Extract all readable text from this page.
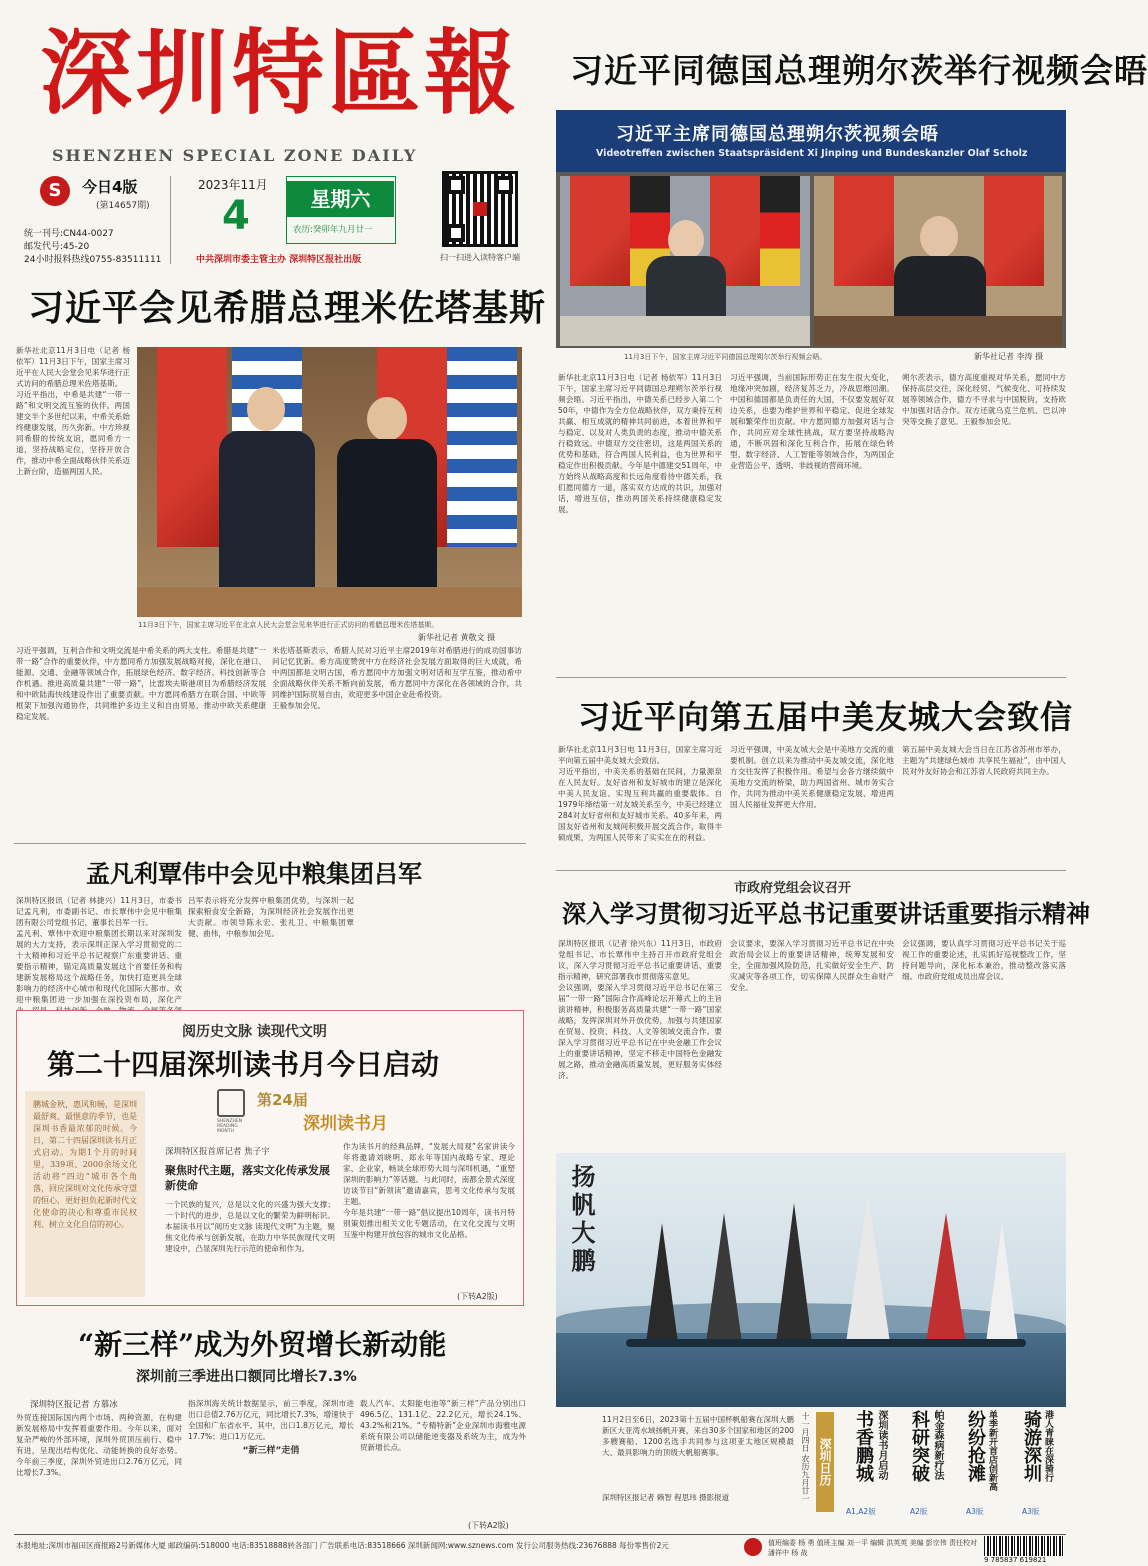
深圳特區報
SHENZHEN SPECIAL ZONE DAILY
S	今日4版
(第14657期)
统一刊号:CN44-0027
邮发代号:45-20
24小时报料热线0755-83511111
2023年11月
4	星期六
农历:癸卯年九月廿一
中共深圳市委主管主办 深圳特区报社出版	扫一扫进入读特客户端
习近平同德国总理朔尔茨举行视频会晤
习近平主席同德国总理朔尔茨视频会晤
Videotreffen zwischen Staatspräsident Xi Jinping und Bundeskanzler Olaf Scholz
11月3日下午，国家主席习近平同德国总理朔尔茨举行视频会晤。	新华社记者 李涛 摄

新华社北京11月3日电（记者 杨依军）11月3日下午，国家主席习近平同德国总理朔尔茨举行视频会晤。习近平指出，中德关系已经步入第二个50年，中德作为全方位战略伙伴，双方秉持互利共赢、相互成就的精神共同前进，本着世界和平与稳定、以及对人类负责的态度，推动中德关系行稳致远。中德双方交往密切，这是两国关系的优势和基础，符合两国人民利益，也为世界和平稳定作出积极贡献。今年是中德建交51周年，中方始终从战略高度和长远角度看待中德关系，我们愿同德方一道，落实双方达成的共识，加强对话，增进互信，推动两国关系持续健康稳定发展。

习近平强调，当前国际形势正在发生很大变化，地缘冲突加剧，经济复苏乏力，冷战思维回潮。中国和德国都是负责任的大国，不仅要发展好双边关系，也要为维护世界和平稳定、促进全球发展和繁荣作出贡献。中方愿同德方加强对话与合作，共同应对全球性挑战，双方要坚持战略沟通，不断巩固和深化互利合作，拓展在绿色转型、数字经济、人工智能等领域合作，为两国企业营造公平、透明、非歧视的营商环境。

朔尔茨表示，德方高度重视对华关系，愿同中方保持高层交往，深化经贸、气候变化、可持续发展等领域合作，德方不寻求与中国脱钩，支持欧中加强对话合作。双方还就乌克兰危机、巴以冲突等交换了意见。王毅参加会见。

习近平会见希腊总理米佐塔基斯

新华社北京11月3日电（记者 杨依军）11月3日下午，国家主席习近平在人民大会堂会见来华进行正式访问的希腊总理米佐塔基斯。

习近平指出，中希是共建“一带一路”和文明交流互鉴的伙伴。两国建交半个多世纪以来，中希关系始终健康发展，历久弥新。中方珍视同希腊的传统友谊，愿同希方一道，坚持战略定位，坚持开放合作，推动中希全面战略伙伴关系迈上新台阶，造福两国人民。

11月3日下午，国家主席习近平在北京人民大会堂会见来华进行正式访问的希腊总理米佐塔基斯。
新华社记者 黄敬文 摄

习近平强调，互利合作和文明交流是中希关系的两大支柱。希腊是共建“一带一路”合作的重要伙伴，中方愿同希方加强发展战略对接，深化在港口、能源、交通、金融等领域合作，拓展绿色经济、数字经济、科技创新等合作机遇。推进高质量共建“一带一路”，比雷埃夫斯港项目为希腊经济发展和中欧陆海快线建设作出了重要贡献。中方愿同希腊方在联合国、中欧等框架下加强沟通协作，共同维护多边主义和自由贸易，推动中欧关系健康稳定发展。

米佐塔基斯表示，希腊人民对习近平主席2019年对希腊进行的成功国事访问记忆犹新。希方高度赞赏中方在经济社会发展方面取得的巨大成就，希中两国都是文明古国，希方愿同中方加强文明对话和互学互鉴，推动希中全面战略伙伴关系不断向前发展，希方愿同中方深化在各领域的合作，共同维护国际贸易自由，欢迎更多中国企业赴希投资。

王毅参加会见。	习近平向第五届中美友城大会致信

新华社北京11月3日电 11月3日，国家主席习近平向第五届中美友城大会致信。

习近平指出，中美关系的基础在民间，力量源泉在人民友好。友好省州和友好城市的建立是深化中美人民友谊、实现互利共赢的重要载体。自1979年缔结第一对友城关系至今，中美已经建立284对友好省州和友好城市关系。40多年来，两国友好省州和友城间积极开展交流合作，取得丰硕成果，为两国人民带来了实实在在的利益。

习近平强调，中美友城大会是中美地方交流的重要机制。创立以来为推动中美友城交流，深化地方交往发挥了积极作用。希望与会各方继续做中美地方交流的桥梁，助力两国省州、城市务实合作，共同为推动中美关系健康稳定发展、增进两国人民福祉发挥更大作用。

第五届中美友城大会当日在江苏省苏州市举办，主题为“共建绿色城市 共享民生福祉”，由中国人民对外友好协会和江苏省人民政府共同主办。

孟凡利覃伟中会见中粮集团吕军

深圳特区报讯（记者 林捷兴）11月3日，市委书记孟凡利，市委副书记、市长覃伟中会见中粮集团有限公司党组书记、董事长吕军一行。

孟凡利、覃伟中欢迎中粮集团长期以来对深圳发展的大力支持，表示深圳正深入学习贯彻党的二十大精神和习近平总书记视察广东重要讲话、重要指示精神，锚定高质量发展这个首要任务和构建新发展格局这个战略任务，加快打造更具全球影响力的经济中心城市和现代化国际大都市。欢迎中粮集团进一步加强在深投资布局，深化产

吕军表示将充分发挥中粮集团优势，与深圳一起探索粮食安全新路，为深圳经济社会发展作出更大贡献。市领导陈永宏、张礼卫、中粮集团覃健、曲伟，中粮参加会见。

市政府党组会议召开
深入学习贯彻习近平总书记重要讲话重要指示精神

深圳特区报讯（记者 徐兴东）11月3日，市政府党组书记、市长覃伟中主持召开市政府党组会议，深入学习贯彻习近平总书记重要讲话、重要指示精神，研究部署我市贯彻落实意见。

会议强调，要深入学习贯彻习近平总书记在第三届“一带一路”国际合作高峰论坛开幕式上的主旨演讲精神，积极服务高质量共建“一带一路”国家战略，发挥深圳对外开放优势，加强与共建国家在贸易、投资、科技、人文等领域交流合作。要深入学习贯彻习近平总书记在中央金融工作会议上的重要讲话精神，坚定不移走中国特色金融发展之路，推动金融高质量发展，更好服务实体经济。

会议要求，要深入学习贯彻习近平总书记在中央政治局会议上的重要讲话精神，统筹发展和安全，全面加强风险防范，扎实做好安全生产、防灾减灾等各项工作，切实保障人民群众生命财产安全。

会议强调，要认真学习贯彻习近平总书记关于巡视工作的重要论述，扎实抓好巡视整改工作，坚持问题导向，深化标本兼治，推动整改落实落细。市政府党组成员出席会议。

阅历史文脉 读现代文明
第二十四届深圳读书月今日启动
鹏城金秋，惠风和畅，是深圳最舒爽、最惬意的季节，也是深圳书香最浓郁的时候。今日，第二十四届深圳读书月正式启动。为期1个月的时间里，339项、2000余场文化活动将“四边”城市各个角落，回应深圳对文化传承守望的恒心，更好担负起新时代文化使命的决心和尊重市民权利、树立文化自信的初心。
SHENZHEN READING MONTH
第24届
深圳读书月
深圳特区报首席记者 焦子宇
聚焦时代主题，落实文化传承发展新使命

一个民族的复兴，总是以文化的兴盛为强大支撑；一个时代的进步，总是以文化的繁荣为鲜明标识。本届读书月以“阅历史文脉 读现代文明”为主题，聚焦文化传承与创新发展，在助力中华民族现代文明建设中，凸显深圳先行示范的使命和作为。

作为读书月的经典品牌，“发展大局观”名家讲读今年将邀请刘晓明、郑永年等国内战略专家、理论家、企业家，畅谈全球形势大局与深圳机遇，“重塑深圳的影响力”等话题。与此同时，南都全景式深度访谈节目“新领读”邀请嘉宾，思考文化传承与发展主题。

今年是共建“一带一路”倡议提出10周年，读书月特别策划推出相关文化专题活动，在文化交流与文明互鉴中构建开放包容的城市文化品格。

(下转A2版)
扬帆大鹏
11月2日至6日，2023第十五届中国杯帆船赛在深圳大鹏新区大亚湾水域扬帆开赛，来自30多个国家和地区的200多艘赛船、1200名选手共同参与这项亚太地区规模最大、最具影响力的顶级大帆船赛事。
深圳特区报记者 赖智 程思玮 摄影报道
“新三样”成为外贸增长新动能
深圳前三季进出口额同比增长7.3%
深圳特区报记者 方慕冰

外贸连接国际国内两个市场、两种资源，在构建新发展格局中发挥着重要作用。今年以来，面对复杂严峻的外部环境，深圳外贸顶压前行、稳中有进，呈现出结构优化、动能转换的良好态势。今年前三季度，深圳外贸进出口2.76万亿元，同比增长7.3%。

指深圳海关统计数据显示，前三季度，深圳市进出口总值2.76万亿元，同比增长7.3%，增速快于全国和广东省水平。其中，出口1.8万亿元，增长17.7%；进口1万亿元。

“新三样”走俏

载人汽车、太阳能电池等“新三样”产品分别出口496.5亿、131.1亿、22.2亿元，增长24.1%、43.2%和21%。“专精特新”企业深圳市海雅电源系统有限公司以储能逆变器及系统为主，成为外贸新增长点。

(下转A2版)
十一月四日 农历九月廿一 深圳日历 书香鹏城 深圳读书月启动
A1,A2版
科研突破 帕金森病新疗法
A2版
纷纷抢滩 单季新开首店创新高
A3版
骑游深圳 港人青睐在深骑行
A3版
本报地址:深圳市福田区商报路2号新媒体大厦 邮政编码:518000 电话:83518888转各部门 广告联系电话:83518666 深圳新闻网:www.sznews.com 发行公司服务热线:23676888 每份零售价2元	值班编委 杨 勇 值班主编 刘一平 编辑 洪英英 美编 彭宗伟 责任校对 潘祥中 杨 战
9 785837 619821
